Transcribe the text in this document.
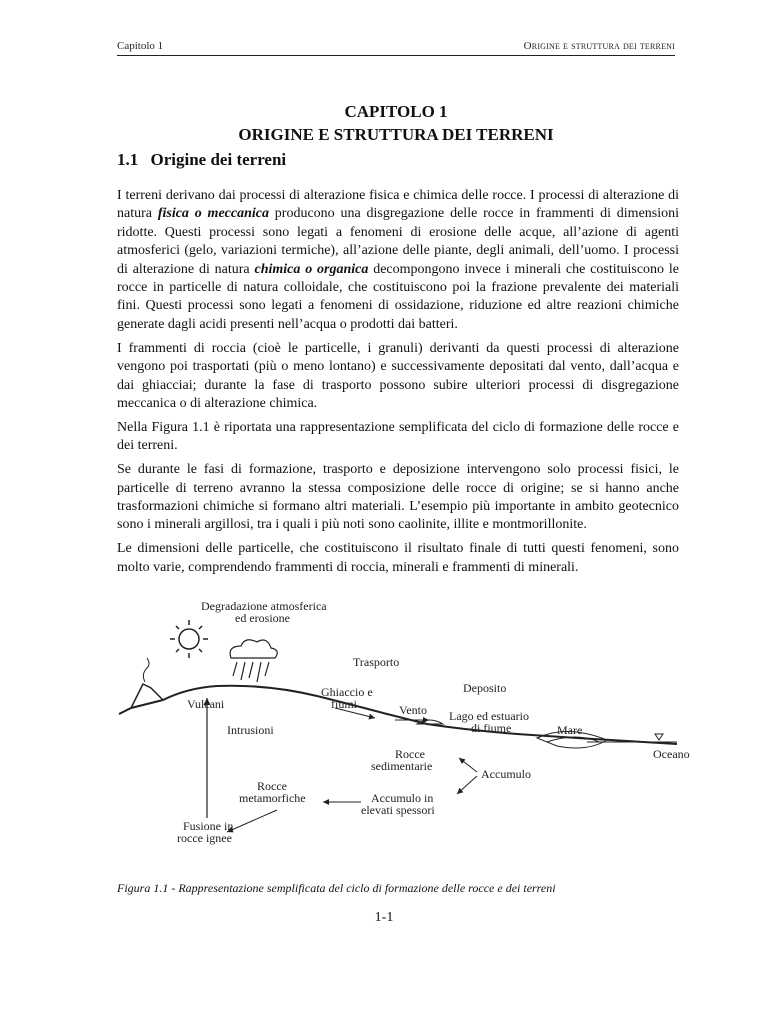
Capitolo 1	Origine e struttura dei terreni
CAPITOLO 1
ORIGINE E STRUTTURA DEI TERRENI
1.1 Origine dei terreni

I terreni derivano dai processi di alterazione fisica e chimica delle rocce. I processi di alterazione di natura fisica o meccanica producono una disgregazione delle rocce in frammenti di dimensioni ridotte. Questi processi sono legati a fenomeni di erosione delle acque, all’azione di agenti atmosferici (gelo, variazioni termiche), all’azione delle piante, degli animali, dell’uomo. I processi di alterazione di natura chimica o organica decompongono invece i minerali che costituiscono le rocce in particelle di natura colloidale, che costituiscono poi la frazione prevalente dei materiali fini. Questi processi sono legati a fenomeni di ossidazione, riduzione ed altre reazioni chimiche generate dagli acidi presenti nell’acqua o prodotti dai batteri.

I frammenti di roccia (cioè le particelle, i granuli) derivanti da questi processi di alterazione vengono poi trasportati (più o meno lontano) e successivamente depositati dal vento, dall’acqua e dai ghiacciai; durante la fase di trasporto possono subire ulteriori processi di disgregazione meccanica o di alterazione chimica.

Nella Figura 1.1 è riportata una rappresentazione semplificata del ciclo di formazione delle rocce e dei terreni.

Se durante le fasi di formazione, trasporto e deposizione intervengono solo processi fisici, le particelle di terreno avranno la stessa composizione delle rocce di origine; se si hanno anche trasformazioni chimiche si formano altri materiali. L’esempio più importante in ambito geotecnico sono i minerali argillosi, tra i quali i più noti sono caolinite, illite e montmorillonite.

Le dimensioni delle particelle, che costituiscono il risultato finale di tutti questi fenomeni, sono molto varie, comprendendo frammenti di roccia, minerali e frammenti di minerali.

Degradazione atmosferica
ed erosione
Trasporto
Ghiaccio e
fiumi
Deposito
Vulcani	Vento Lago ed estuario
di fiume	Mare
Intrusioni
Oceano
Rocce
sedimentarie
Accumulo
Rocce
metamorfiche	Accumulo in
elevati spessori
Fusione in
rocce ignee
Figura 1.1 - Rappresentazione semplificata del ciclo di formazione delle rocce e dei terreni
1-1
